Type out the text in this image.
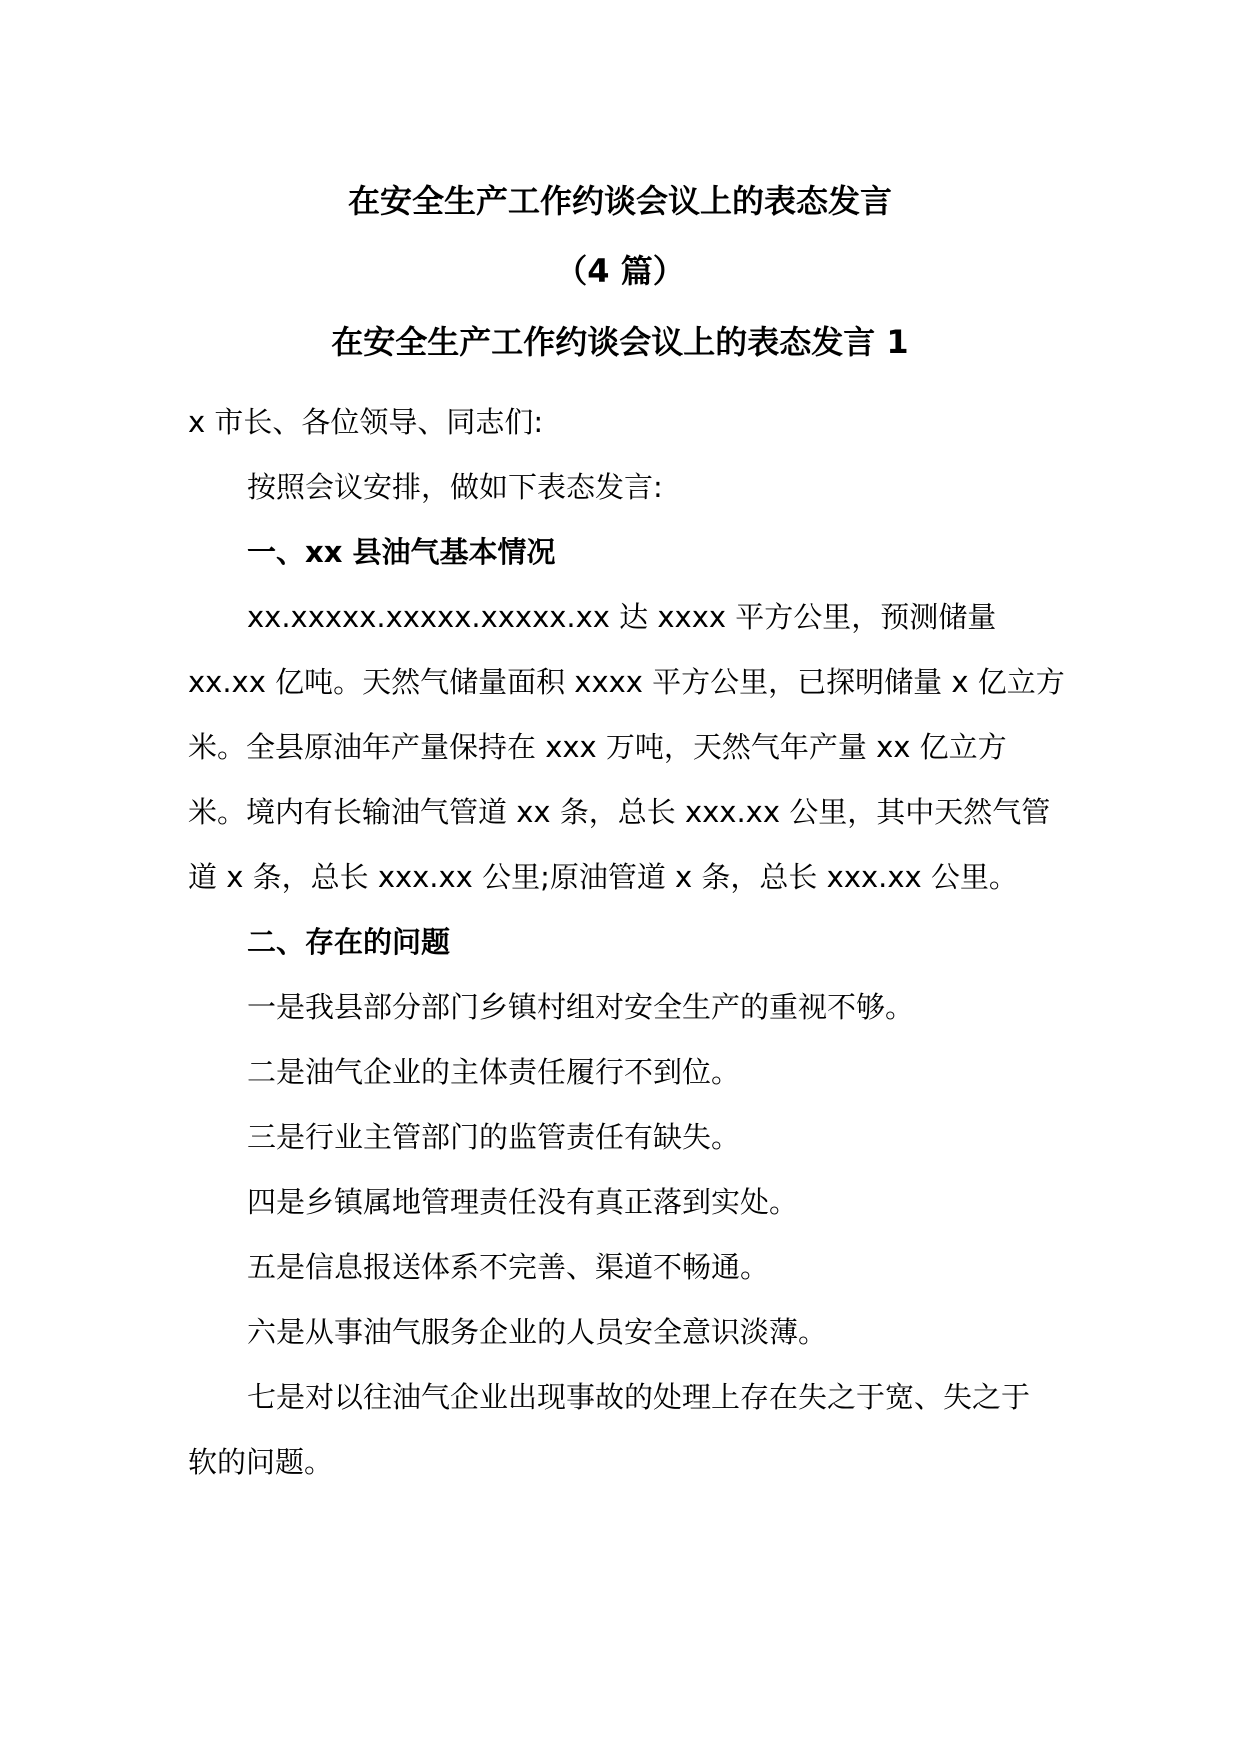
在安全生产工作约谈会议上的表态发言
（4 篇）
在安全生产工作约谈会议上的表态发言 1

x 市长、各位领导、同志们:

按照会议安排，做如下表态发言:

一、xx 县油气基本情况

xx.xxxxx.xxxxx.xxxxx.xx 达 xxxx 平方公里，预测储量

xx.xx 亿吨。天然气储量面积 xxxx 平方公里，已探明储量 x 亿立方

米。全县原油年产量保持在 xxx 万吨，天然气年产量 xx 亿立方

米。境内有长输油气管道 xx 条，总长 xxx.xx 公里，其中天然气管

道 x 条，总长 xxx.xx 公里;原油管道 x 条，总长 xxx.xx 公里。

二、存在的问题

一是我县部分部门乡镇村组对安全生产的重视不够。

二是油气企业的主体责任履行不到位。

三是行业主管部门的监管责任有缺失。

四是乡镇属地管理责任没有真正落到实处。

五是信息报送体系不完善、渠道不畅通。

六是从事油气服务企业的人员安全意识淡薄。

七是对以往油气企业出现事故的处理上存在失之于宽、失之于

软的问题。
